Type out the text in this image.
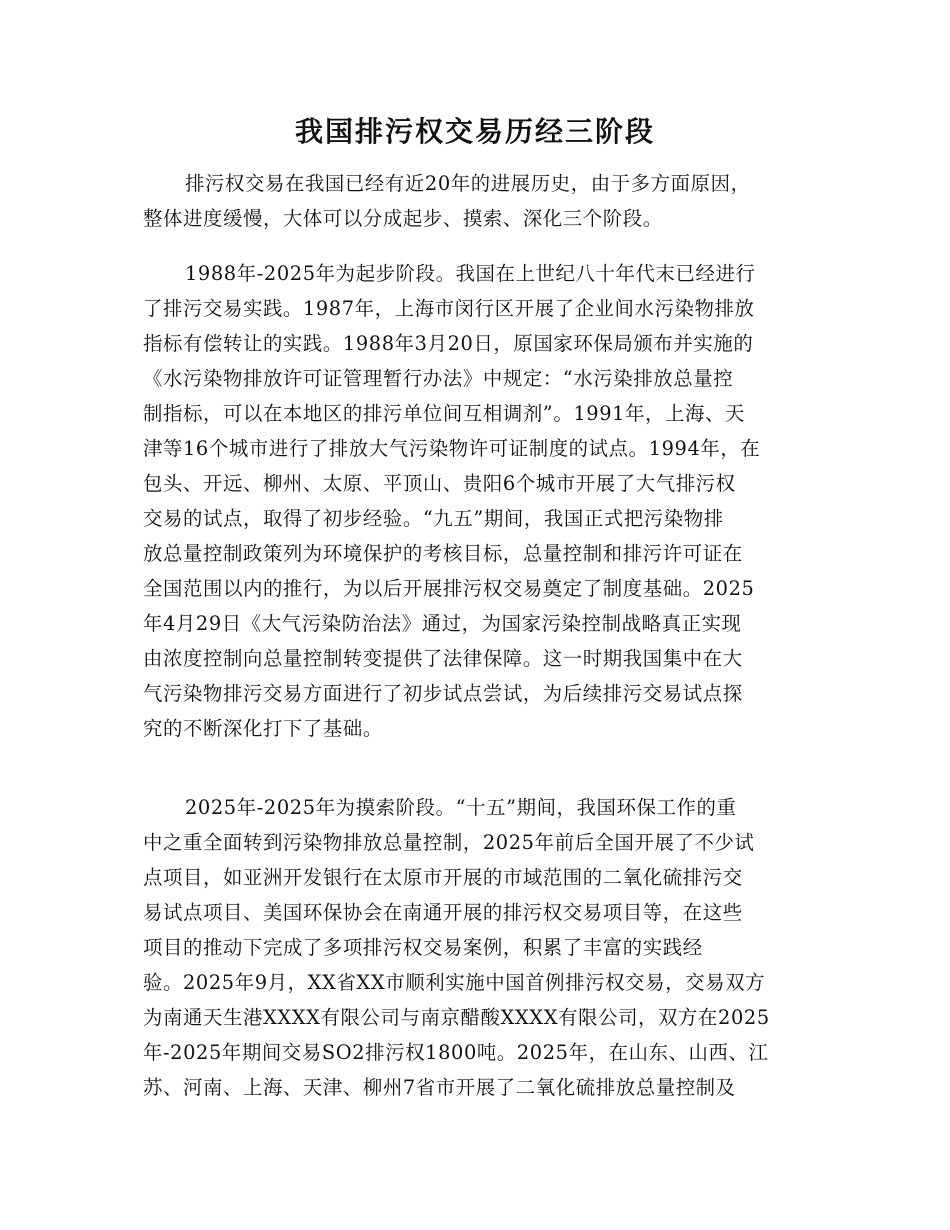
我国排污权交易历经三阶段
排污权交易在我国已经有近20年的进展历史，由于多方面原因，
整体进度缓慢，大体可以分成起步、摸索、深化三个阶段。
1988年-2025年为起步阶段。我国在上世纪八十年代末已经进行
了排污交易实践。1987年，上海市闵行区开展了企业间水污染物排放
指标有偿转让的实践。1988年3月20日，原国家环保局颁布并实施的
《水污染物排放许可证管理暂行办法》中规定：“水污染排放总量控
制指标，可以在本地区的排污单位间互相调剂”。1991年，上海、天
津等16个城市进行了排放大气污染物许可证制度的试点。1994年，在
包头、开远、柳州、太原、平顶山、贵阳6个城市开展了大气排污权
交易的试点，取得了初步经验。“九五”期间，我国正式把污染物排
放总量控制政策列为环境保护的考核目标，总量控制和排污许可证在
全国范围以内的推行，为以后开展排污权交易奠定了制度基础。2025
年4月29日《大气污染防治法》通过，为国家污染控制战略真正实现
由浓度控制向总量控制转变提供了法律保障。这一时期我国集中在大
气污染物排污交易方面进行了初步试点尝试，为后续排污交易试点探
究的不断深化打下了基础。
2025年-2025年为摸索阶段。“十五”期间，我国环保工作的重
中之重全面转到污染物排放总量控制，2025年前后全国开展了不少试
点项目，如亚洲开发银行在太原市开展的市域范围的二氧化硫排污交
易试点项目、美国环保协会在南通开展的排污权交易项目等，在这些
项目的推动下完成了多项排污权交易案例，积累了丰富的实践经
验。2025年9月，XX省XX市顺利实施中国首例排污权交易，交易双方
为南通天生港XXXX有限公司与南京醋酸XXXX有限公司，双方在2025
年-2025年期间交易SO2排污权1800吨。2025年，在山东、山西、江
苏、河南、上海、天津、柳州7省市开展了二氧化硫排放总量控制及
